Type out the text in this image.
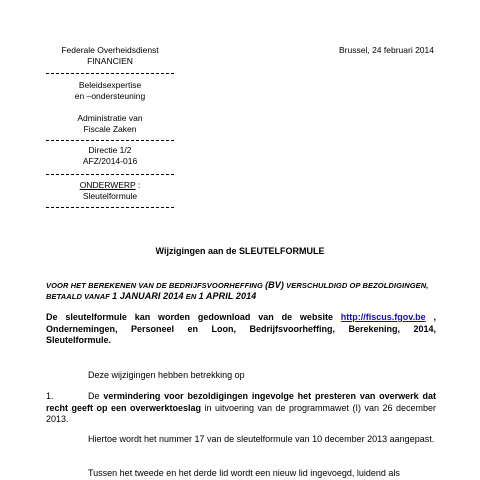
Federale Overheidsdienst
FINANCIEN
Beleidsexpertise
en –ondersteuning
Administratie van
Fiscale Zaken
Directie 1/2
AFZ/2014-016
ONDERWERP :
Sleutelformule
Brussel, 24 februari 2014
Wijzigingen aan de SLEUTELFORMULE
VOOR HET BEREKENEN VAN DE BEDRIJFSVOORHEFFING (BV) VERSCHULDIGD OP BEZOLDIGINGEN,
BETAALD VANAF 1 JANUARI 2014 EN 1 APRIL 2014
De sleutelformule kan worden gedownload van de website http://fiscus.fgov.be , Ondernemingen, Personeel en Loon, Bedrijfsvoorheffing, Berekening, 2014, Sleutelformule.
Deze wijzigingen hebben betrekking op
1.	De vermindering voor bezoldigingen ingevolge het presteren van overwerk dat recht geeft op een overwerktoeslag in uitvoering van de programmawet (I) van 26 december 2013.
Hiertoe wordt het nummer 17 van de sleutelformule van 10 december 2013 aangepast.
Tussen het tweede en het derde lid wordt een nieuw lid ingevoegd, luidend als
